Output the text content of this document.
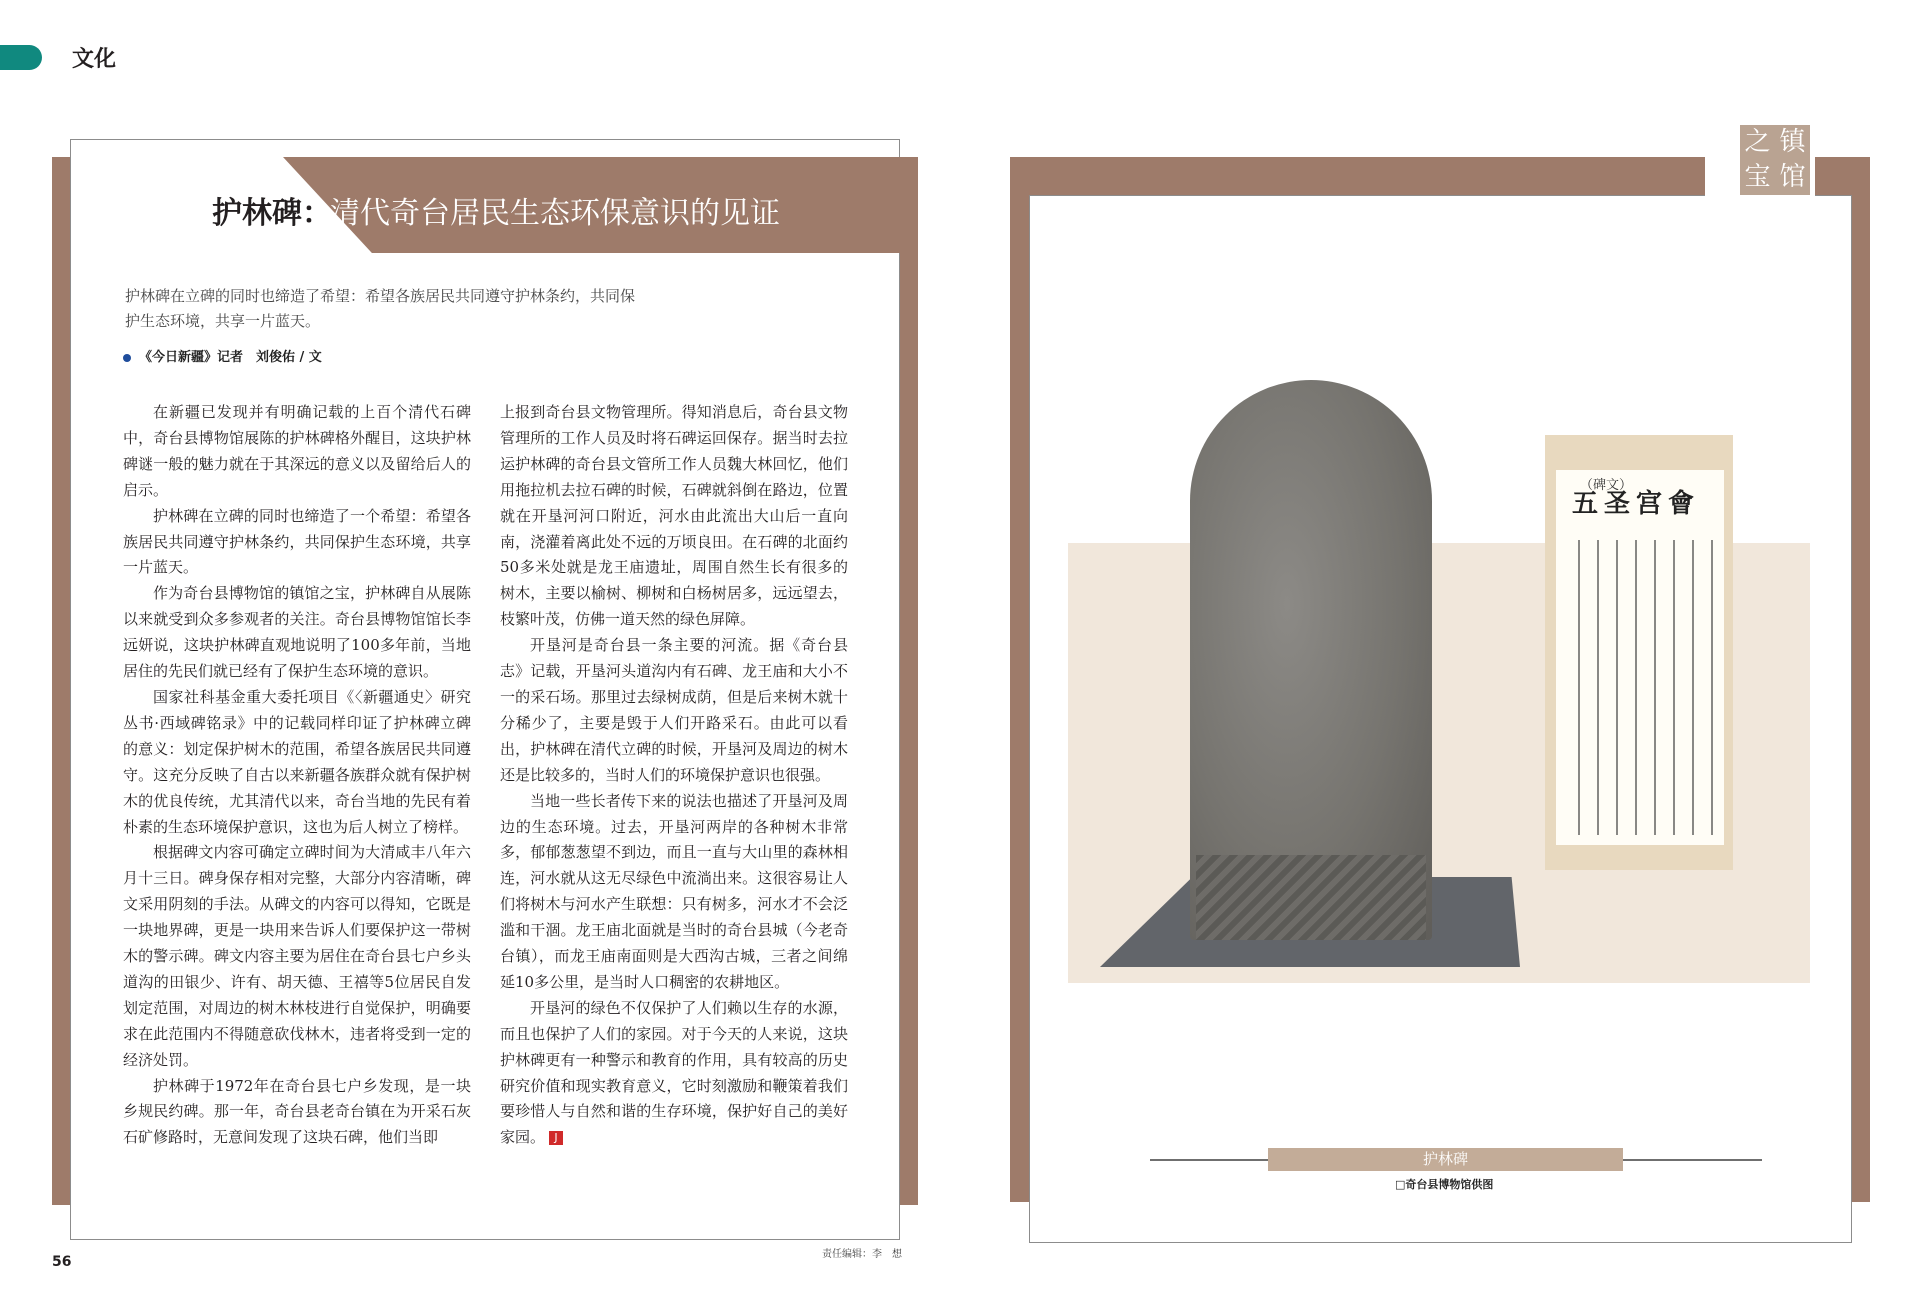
文化
护林碑：
清代奇台居民生态环保意识的见证
护林碑在立碑的同时也缔造了希望：希望各族居民共同遵守护林条约，共同保护生态环境，共享一片蓝天。
《今日新疆》记者　刘俊佑 / 文

在新疆已发现并有明确记载的上百个清代石碑中，奇台县博物馆展陈的护林碑格外醒目，这块护林碑谜一般的魅力就在于其深远的意义以及留给后人的启示。

护林碑在立碑的同时也缔造了一个希望：希望各族居民共同遵守护林条约，共同保护生态环境，共享一片蓝天。

作为奇台县博物馆的镇馆之宝，护林碑自从展陈以来就受到众多参观者的关注。奇台县博物馆馆长李远妍说，这块护林碑直观地说明了100多年前，当地居住的先民们就已经有了保护生态环境的意识。

国家社科基金重大委托项目《〈新疆通史〉研究丛书·西域碑铭录》中的记载同样印证了护林碑立碑的意义：划定保护树木的范围，希望各族居民共同遵守。这充分反映了自古以来新疆各族群众就有保护树木的优良传统，尤其清代以来，奇台当地的先民有着朴素的生态环境保护意识，这也为后人树立了榜样。

根据碑文内容可确定立碑时间为大清咸丰八年六月十三日。碑身保存相对完整，大部分内容清晰，碑文采用阴刻的手法。从碑文的内容可以得知，它既是一块地界碑，更是一块用来告诉人们要保护这一带树木的警示碑。碑文内容主要为居住在奇台县七户乡头道沟的田银少、许有、胡天德、王禧等5位居民自发划定范围，对周边的树木林枝进行自觉保护，明确要求在此范围内不得随意砍伐林木，违者将受到一定的经济处罚。

护林碑于1972年在奇台县七户乡发现，是一块乡规民约碑。那一年，奇台县老奇台镇在为开采石灰石矿修路时，无意间发现了这块石碑，他们当即

上报到奇台县文物管理所。得知消息后，奇台县文物管理所的工作人员及时将石碑运回保存。据当时去拉运护林碑的奇台县文管所工作人员魏大林回忆，他们用拖拉机去拉石碑的时候，石碑就斜倒在路边，位置就在开垦河河口附近，河水由此流出大山后一直向南，浇灌着离此处不远的万顷良田。在石碑的北面约50多米处就是龙王庙遗址，周围自然生长有很多的树木，主要以榆树、柳树和白杨树居多，远远望去，枝繁叶茂，仿佛一道天然的绿色屏障。

开垦河是奇台县一条主要的河流。据《奇台县志》记载，开垦河头道沟内有石碑、龙王庙和大小不一的采石场。那里过去绿树成荫，但是后来树木就十分稀少了，主要是毁于人们开路采石。由此可以看出，护林碑在清代立碑的时候，开垦河及周边的树木还是比较多的，当时人们的环境保护意识也很强。

当地一些长者传下来的说法也描述了开垦河及周边的生态环境。过去，开垦河两岸的各种树木非常多，郁郁葱葱望不到边，而且一直与大山里的森林相连，河水就从这无尽绿色中流淌出来。这很容易让人们将树木与河水产生联想：只有树多，河水才不会泛滥和干涸。龙王庙北面就是当时的奇台县城（今老奇台镇），而龙王庙南面则是大西沟古城，三者之间绵延10多公里，是当时人口稠密的农耕地区。

开垦河的绿色不仅保护了人们赖以生存的水源，而且也保护了人们的家园。对于今天的人来说，这块护林碑更有一种警示和教育的作用，具有较高的历史研究价值和现实教育意义，它时刻激励和鞭策着我们要珍惜人与自然和谐的生存环境，保护好自己的美好家园。 J

56	责任编辑：李　想
之 镇
宝 馆
（碑文）
五圣宫會
护林碑
□奇台县博物馆供图
